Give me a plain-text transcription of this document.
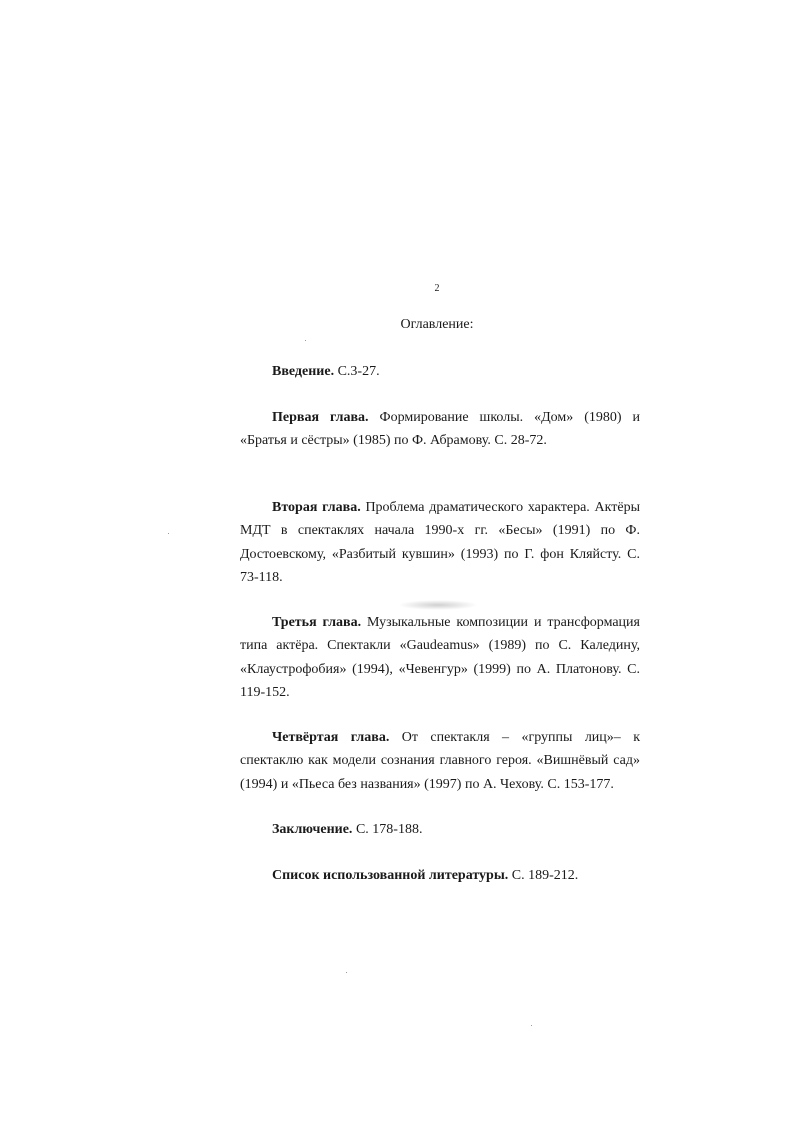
2
Оглавление:

Введение. С.3-27.

Первая глава. Формирование школы. «Дом» (1980) и «Братья и сёстры» (1985) по Ф. Абрамову. С. 28-72.

Вторая глава. Проблема драматического характера. Актёры МДТ в спектаклях начала 1990-х гг. «Бесы» (1991) по Ф. Достоевскому, «Разбитый кувшин» (1993) по Г. фон Кляйсту. С. 73-118.

Третья глава. Музыкальные композиции и трансформация типа актёра. Спектакли «Gaudeamus» (1989) по С. Каледину, «Клаустрофобия» (1994), «Чевенгур» (1999) по А. Платонову. С. 119-152.

Четвёртая глава. От спектакля – «группы лиц»– к спектаклю как модели сознания главного героя. «Вишнёвый сад» (1994) и «Пьеса без названия» (1997) по А. Чехову. С. 153-177.

Заключение. С. 178-188.

Список использованной литературы. С. 189-212.
